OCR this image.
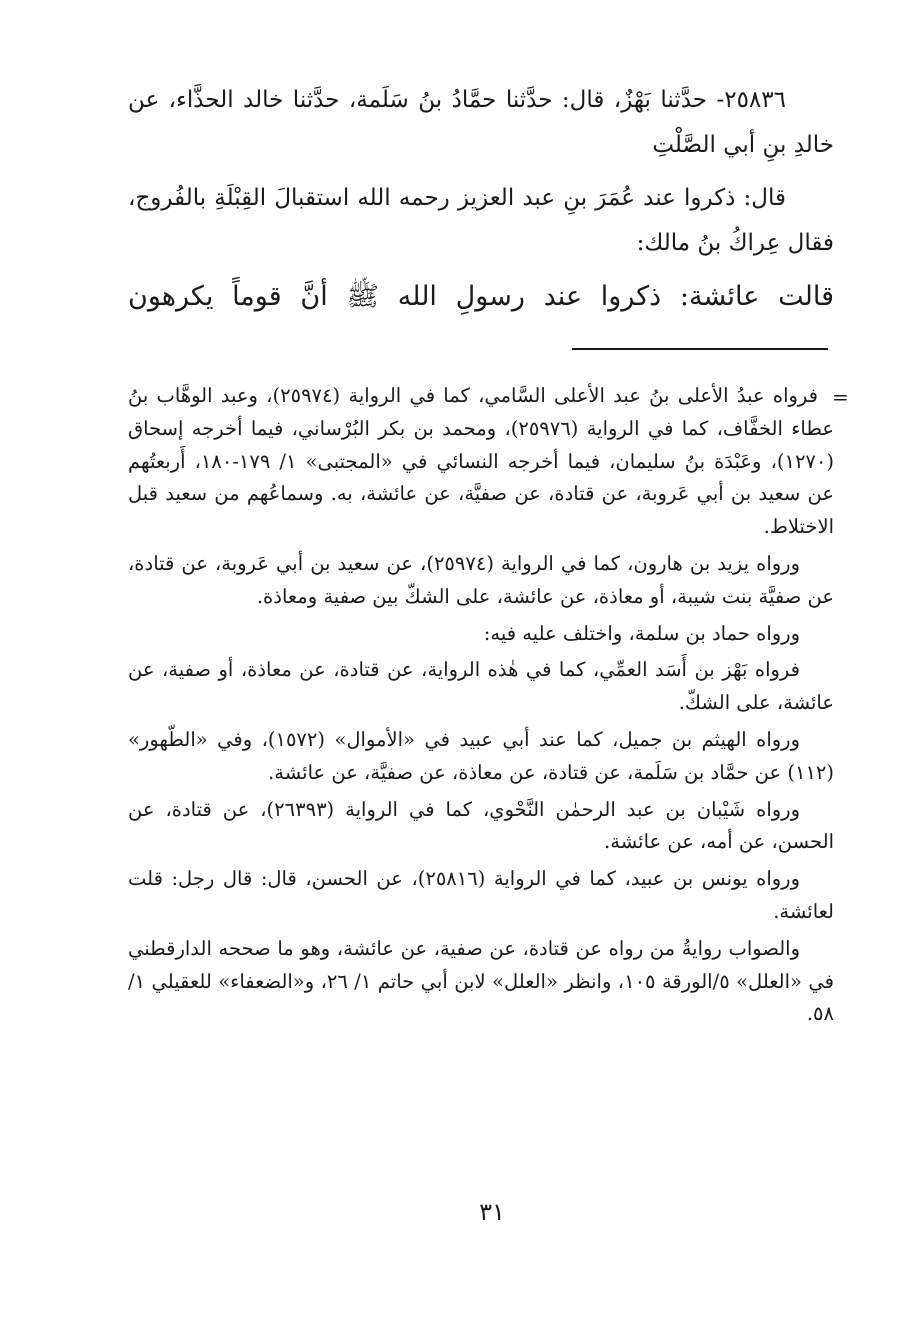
٢٥٨٣٦- حدَّثنا بَهْزٌ، قال: حدَّثنا حمَّادُ بنُ سَلَمة، حدَّثنا خالد الحذَّاء، عن خالدِ بنِ أبي الصَّلْتِ

قال: ذكروا عند عُمَرَ بنِ عبد العزيز رحمه الله استقبالَ القِبْلَةِ بالفُروج، فقال عِراكُ بنُ مالك:

قالت عائشة: ذكروا عند رسولِ الله ﷺ أنَّ قوماً يكرهون

=

فرواه عبدُ الأعلى بنُ عبد الأعلى السَّامي، كما في الرواية (٢٥٩٧٤)، وعبد الوهَّاب بنُ عطاء الخفَّاف، كما في الرواية (٢٥٩٧٦)، ومحمد بن بكر البُرْساني، فيما أخرجه إسحاق (١٢٧٠)، وعَبْدَة بنُ سليمان، فيما أخرجه النسائي في «المجتبى» ١/ ١٧٩-١٨٠، أَربعتُهم عن سعيد بن أبي عَروبة، عن قتادة، عن صفيَّة، عن عائشة، به. وسماعُهم من سعيد قبل الاختلاط.

ورواه يزيد بن هارون، كما في الرواية (٢٥٩٧٤)، عن سعيد بن أبي عَروبة، عن قتادة، عن صفيَّة بنت شيبة، أو معاذة، عن عائشة، على الشكّ بين صفية ومعاذة.

ورواه حماد بن سلمة، واختلف عليه فيه:

فرواه بَهْز بن أَسَد العمِّي، كما في هٰذه الرواية، عن قتادة، عن معاذة، أو صفية، عن عائشة، على الشكّ.

ورواه الهيثم بن جميل، كما عند أبي عبيد في «الأموال» (١٥٧٢)، وفي «الطّهور» (١١٢) عن حمَّاد بن سَلَمة، عن قتادة، عن معاذة، عن صفيَّة، عن عائشة.

ورواه شَيْبان بن عبد الرحمٰن النَّحْوي، كما في الرواية (٢٦٣٩٣)، عن قتادة، عن الحسن، عن أمه، عن عائشة.

ورواه يونس بن عبيد، كما في الرواية (٢٥٨١٦)، عن الحسن، قال: قال رجل: قلت لعائشة.

والصواب روايةُ من رواه عن قتادة، عن صفية، عن عائشة، وهو ما صححه الدارقطني في «العلل» ٥/الورقة ١٠٥، وانظر «العلل» لابن أبي حاتم ١/ ٢٦، و«الضعفاء» للعقيلي ١/ ٥٨.

٣١
